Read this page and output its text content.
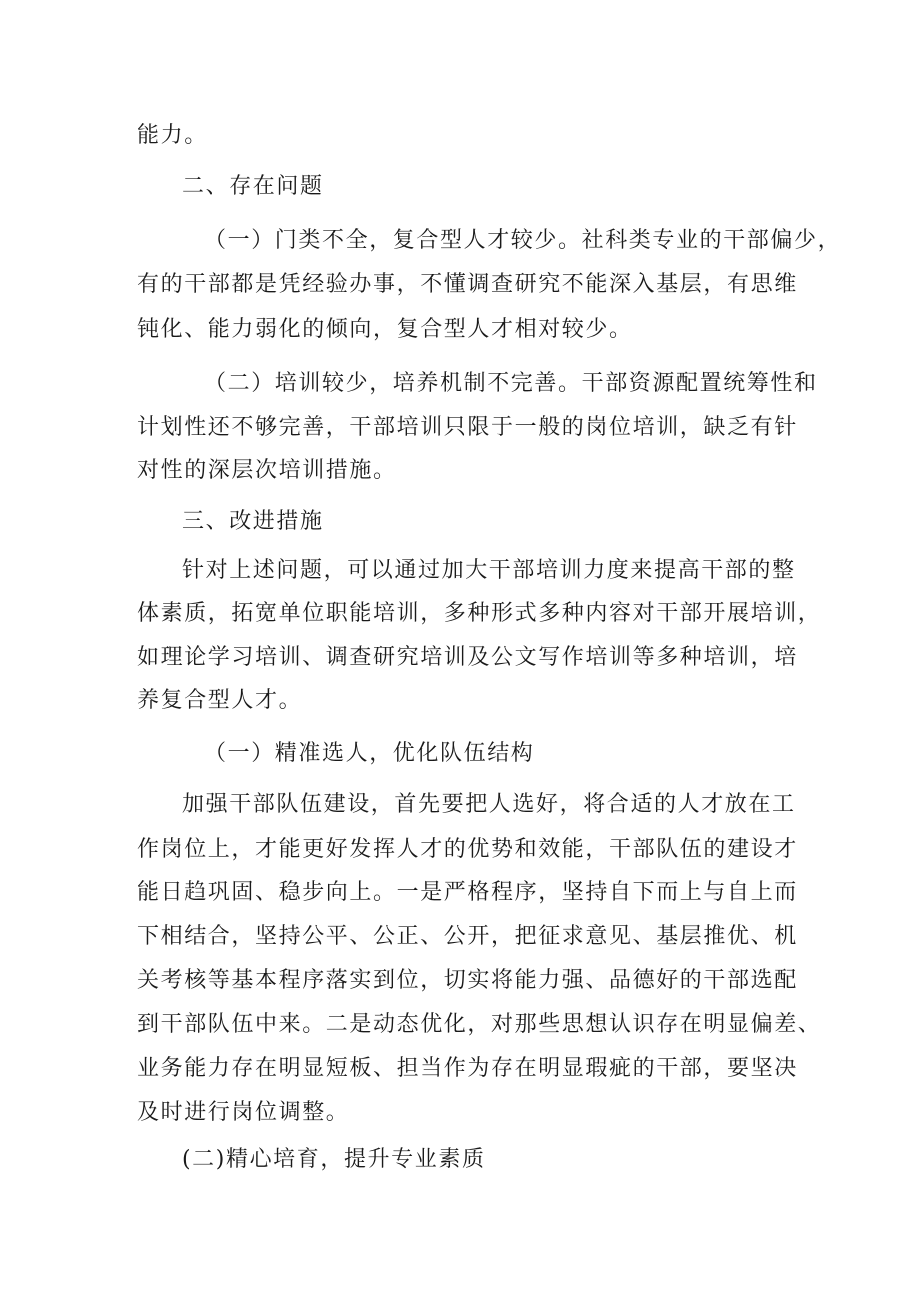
能力。
二、存在问题
（一）门类不全，复合型人才较少。社科类专业的干部偏少，
有的干部都是凭经验办事，不懂调查研究不能深入基层，有思维
钝化、能力弱化的倾向，复合型人才相对较少。
（二）培训较少，培养机制不完善。干部资源配置统筹性和
计划性还不够完善，干部培训只限于一般的岗位培训，缺乏有针
对性的深层次培训措施。
三、改进措施
针对上述问题，可以通过加大干部培训力度来提高干部的整
体素质，拓宽单位职能培训，多种形式多种内容对干部开展培训，
如理论学习培训、调查研究培训及公文写作培训等多种培训，培
养复合型人才。
（一）精准选人，优化队伍结构
加强干部队伍建设，首先要把人选好，将合适的人才放在工
作岗位上，才能更好发挥人才的优势和效能，干部队伍的建设才
能日趋巩固、稳步向上。一是严格程序，坚持自下而上与自上而
下相结合，坚持公平、公正、公开，把征求意见、基层推优、机
关考核等基本程序落实到位，切实将能力强、品德好的干部选配
到干部队伍中来。二是动态优化，对那些思想认识存在明显偏差、
业务能力存在明显短板、担当作为存在明显瑕疵的干部，要坚决
及时进行岗位调整。
(二)精心培育，提升专业素质
